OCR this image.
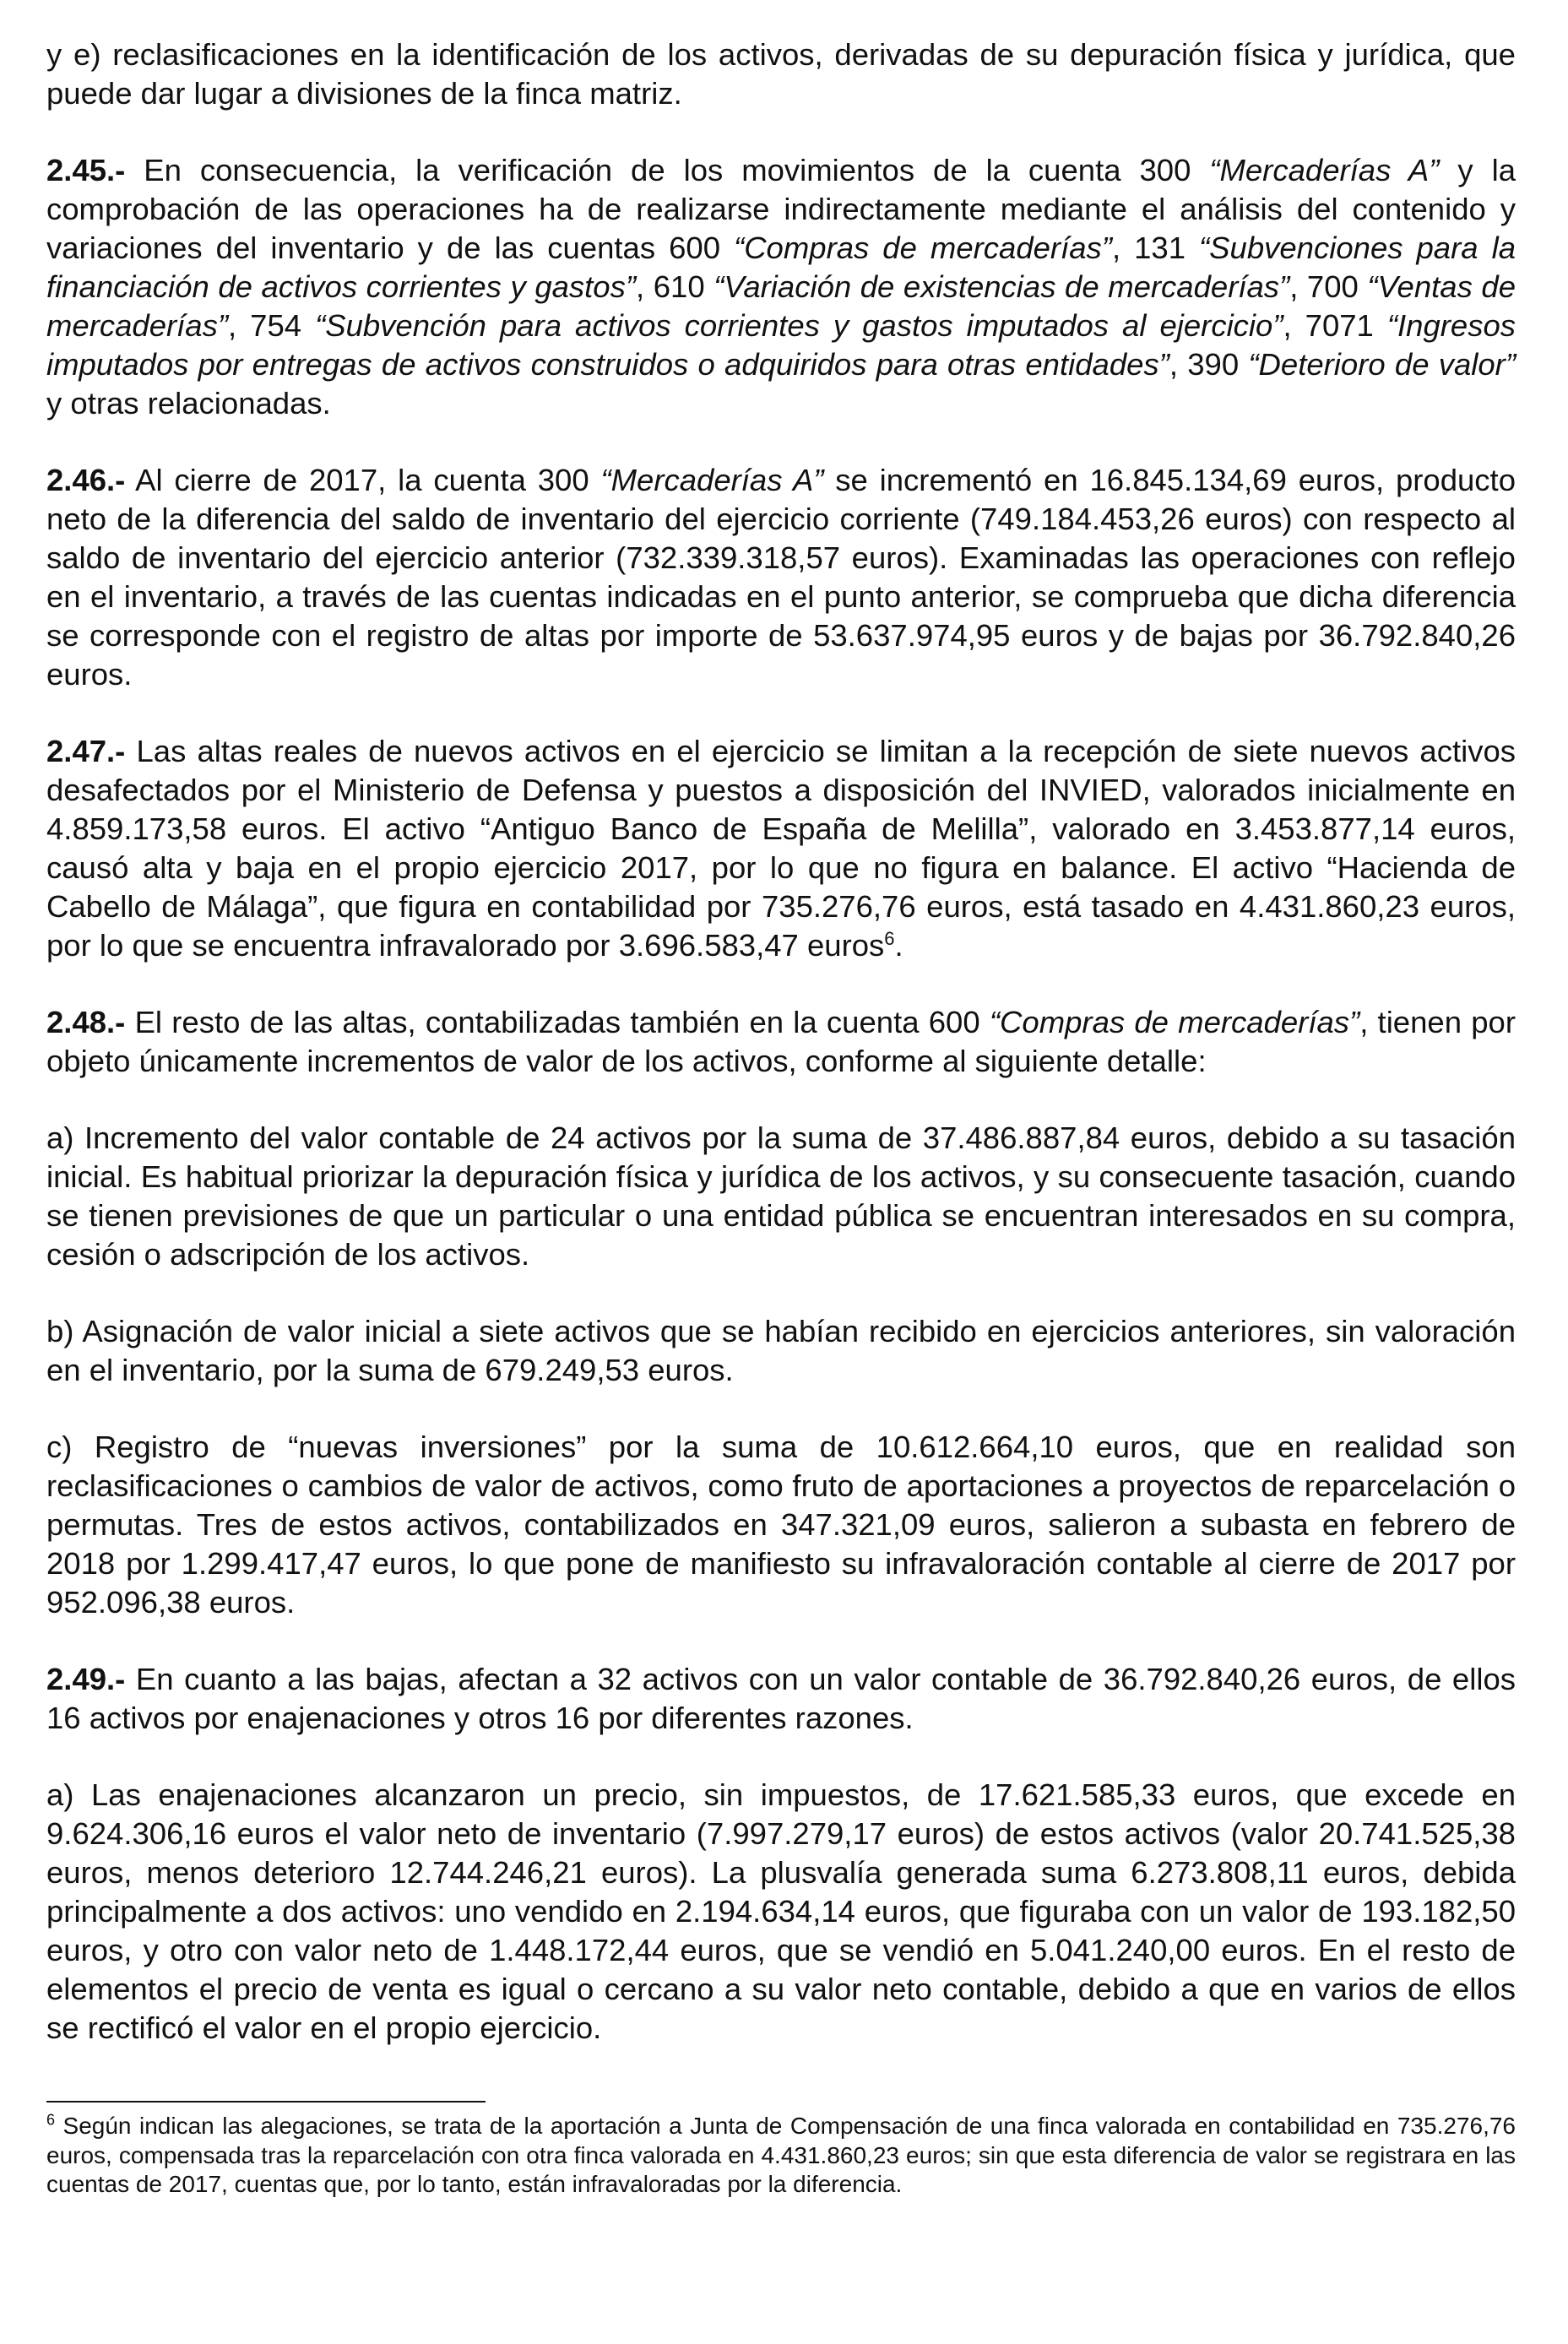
y e) reclasificaciones en la identificación de los activos, derivadas de su depuración física y jurídica, que puede dar lugar a divisiones de la finca matriz.

2.45.- En consecuencia, la verificación de los movimientos de la cuenta 300 “Mercaderías A” y la comprobación de las operaciones ha de realizarse indirectamente mediante el análisis del contenido y variaciones del inventario y de las cuentas 600 “Compras de mercaderías”, 131 “Subvenciones para la financiación de activos corrientes y gastos”, 610 “Variación de existencias de mercaderías”, 700 “Ventas de mercaderías”, 754 “Subvención para activos corrientes y gastos imputados al ejercicio”, 7071 “Ingresos imputados por entregas de activos construidos o adquiridos para otras entidades”, 390 “Deterioro de valor” y otras relacionadas.

2.46.- Al cierre de 2017, la cuenta 300 “Mercaderías A” se incrementó en 16.845.134,69 euros, producto neto de la diferencia del saldo de inventario del ejercicio corriente (749.184.453,26 euros) con respecto al saldo de inventario del ejercicio anterior (732.339.318,57 euros). Examinadas las operaciones con reflejo en el inventario, a través de las cuentas indicadas en el punto anterior, se comprueba que dicha diferencia se corresponde con el registro de altas por importe de 53.637.974,95 euros y de bajas por 36.792.840,26 euros.

2.47.- Las altas reales de nuevos activos en el ejercicio se limitan a la recepción de siete nuevos activos desafectados por el Ministerio de Defensa y puestos a disposición del INVIED, valorados inicialmente en 4.859.173,58 euros. El activo “Antiguo Banco de España de Melilla”, valorado en 3.453.877,14 euros, causó alta y baja en el propio ejercicio 2017, por lo que no figura en balance. El activo “Hacienda de Cabello de Málaga”, que figura en contabilidad por 735.276,76 euros, está tasado en 4.431.860,23 euros, por lo que se encuentra infravalorado por 3.696.583,47 euros$^6$.

2.48.- El resto de las altas, contabilizadas también en la cuenta 600 “Compras de mercaderías”, tienen por objeto únicamente incrementos de valor de los activos, conforme al siguiente detalle:

a) Incremento del valor contable de 24 activos por la suma de 37.486.887,84 euros, debido a su tasación inicial. Es habitual priorizar la depuración física y jurídica de los activos, y su consecuente tasación, cuando se tienen previsiones de que un particular o una entidad pública se encuentran interesados en su compra, cesión o adscripción de los activos.

b) Asignación de valor inicial a siete activos que se habían recibido en ejercicios anteriores, sin valoración en el inventario, por la suma de 679.249,53 euros.

c) Registro de “nuevas inversiones” por la suma de 10.612.664,10 euros, que en realidad son reclasificaciones o cambios de valor de activos, como fruto de aportaciones a proyectos de reparcelación o permutas. Tres de estos activos, contabilizados en 347.321,09 euros, salieron a subasta en febrero de 2018 por 1.299.417,47 euros, lo que pone de manifiesto su infravaloración contable al cierre de 2017 por 952.096,38 euros.

2.49.- En cuanto a las bajas, afectan a 32 activos con un valor contable de 36.792.840,26 euros, de ellos 16 activos por enajenaciones y otros 16 por diferentes razones.

a) Las enajenaciones alcanzaron un precio, sin impuestos, de 17.621.585,33 euros, que excede en 9.624.306,16 euros el valor neto de inventario (7.997.279,17 euros) de estos activos (valor 20.741.525,38 euros, menos deterioro 12.744.246,21 euros). La plusvalía generada suma 6.273.808,11 euros, debida principalmente a dos activos: uno vendido en 2.194.634,14 euros, que figuraba con un valor de 193.182,50 euros, y otro con valor neto de 1.448.172,44 euros, que se vendió en 5.041.240,00 euros. En el resto de elementos el precio de venta es igual o cercano a su valor neto contable, debido a que en varios de ellos se rectificó el valor en el propio ejercicio.

$^6$ Según indican las alegaciones, se trata de la aportación a Junta de Compensación de una finca valorada en contabilidad en 735.276,76 euros, compensada tras la reparcelación con otra finca valorada en 4.431.860,23 euros; sin que esta diferencia de valor se registrara en las cuentas de 2017, cuentas que, por lo tanto, están infravaloradas por la diferencia.
